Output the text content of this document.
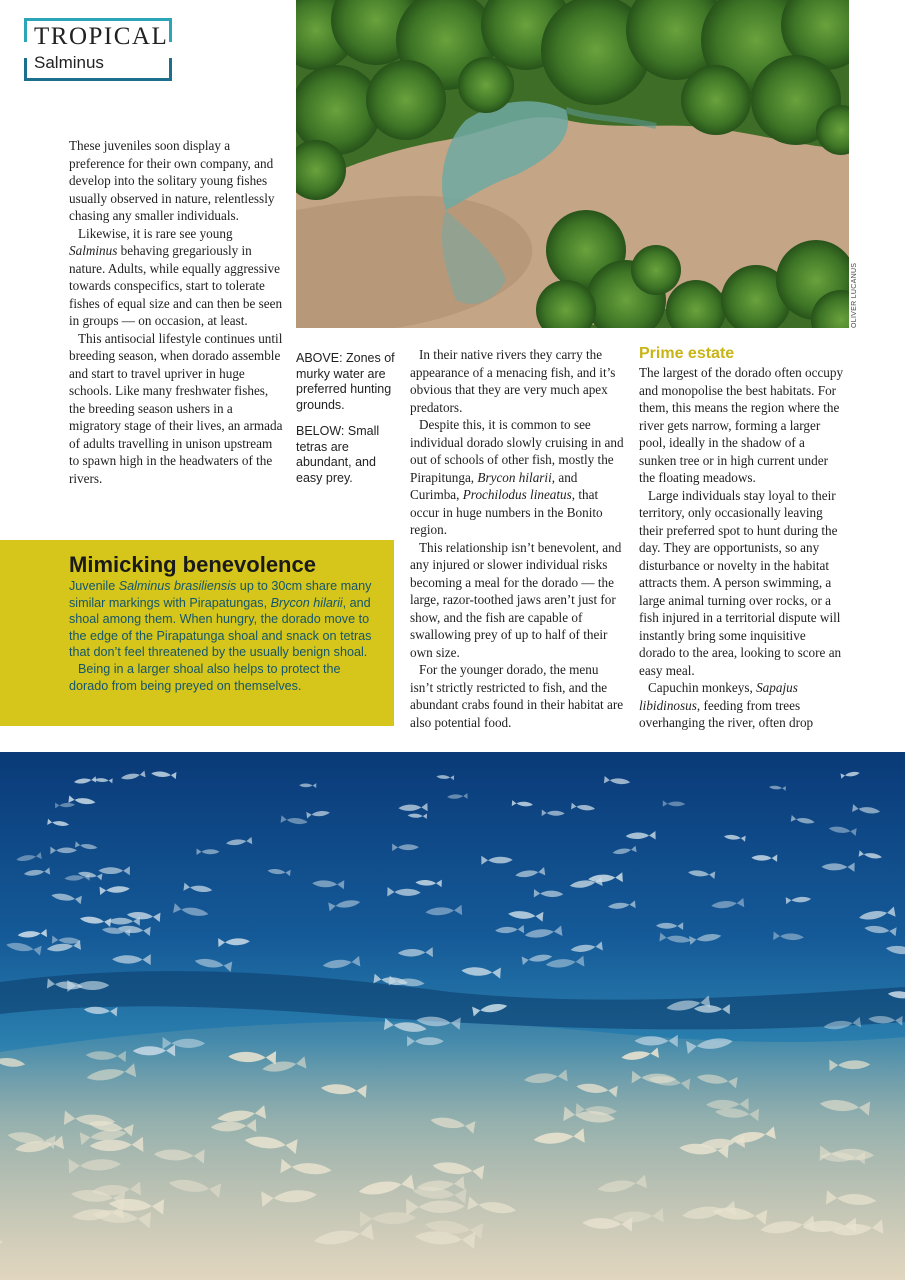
TROPICAL
Salminus
OLIVER LUCANUS

These juveniles soon display a preference for their own company, and develop into the solitary young fishes usually observed in nature, relentlessly chasing any smaller individuals.

Likewise, it is rare see young Salminus behaving gregariously in nature. Adults, while equally aggressive towards conspecifics, start to tolerate fishes of equal size and can then be seen in groups — on occasion, at least.

This antisocial lifestyle continues until breeding season, when dorado assemble and start to travel upriver in huge schools. Like many freshwater fishes, the breeding season ushers in a migratory stage of their lives, an armada of adults travelling in unison upstream to spawn high in the headwaters of the rivers.

ABOVE: Zones of murky water are preferred hunting grounds.

BELOW: Small tetras are abundant, and easy prey.

In their native rivers they carry the appearance of a menacing fish, and it’s obvious that they are very much apex predators.

Despite this, it is common to see individual dorado slowly cruising in and out of schools of other fish, mostly the Pirapitunga, Brycon hilarii, and Curimba, Prochilodus lineatus, that occur in huge numbers in the Bonito region.

This relationship isn’t benevolent, and any injured or slower individual risks becoming a meal for the dorado — the large, razor-toothed jaws aren’t just for show, and the fish are capable of swallowing prey of up to half of their own size.

For the younger dorado, the menu isn’t strictly restricted to fish, and the abundant crabs found in their habitat are also potential food.

Prime estate

The largest of the dorado often occupy and monopolise the best habitats. For them, this means the region where the river gets narrow, forming a larger pool, ideally in the shadow of a sunken tree or in high current under the floating meadows.

Large individuals stay loyal to their territory, only occasionally leaving their preferred spot to hunt during the day. They are opportunists, so any disturbance or novelty in the habitat attracts them. A person swimming, a large animal turning over rocks, or a fish injured in a territorial dispute will instantly bring some inquisitive dorado to the area, looking to score an easy meal.

Capuchin monkeys, Sapajus libidinosus, feeding from trees overhanging the river, often drop

Mimicking benevolence

Juvenile Salminus brasiliensis up to 30cm share many similar markings with Pirapatungas, Brycon hilarii, and shoal among them. When hungry, the dorado move to the edge of the Pirapatunga shoal and snack on tetras that don’t feel threatened by the usually benign shoal.

Being in a larger shoal also helps to protect the dorado from being preyed on themselves.
